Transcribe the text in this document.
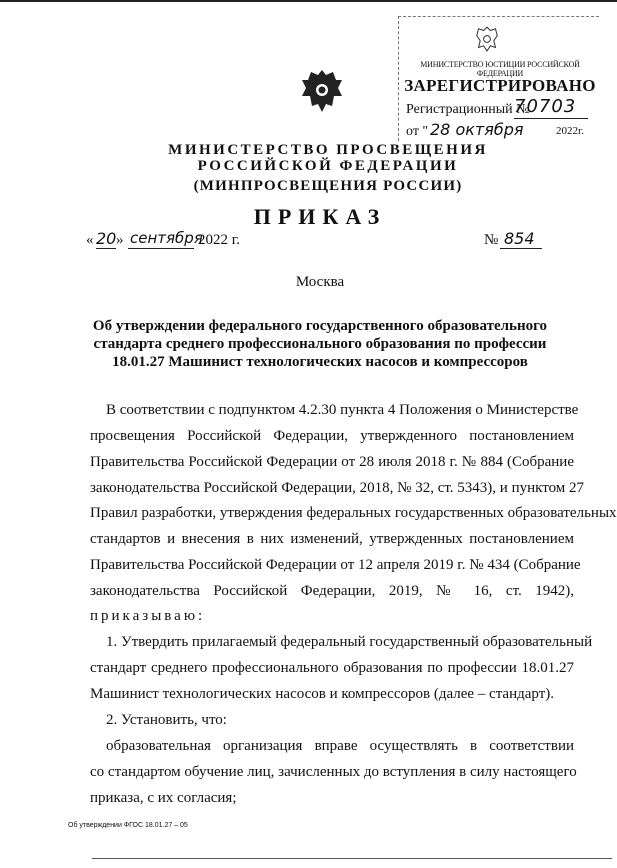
МИНИСТЕРСТВО ЮСТИЦИИ РОССИЙСКОЙ ФЕДЕРАЦИИ
ЗАРЕГИСТРИРОВАНО
Регистрационный №
70703
от " 28 октября	2022г.
МИНИСТЕРСТВО ПРОСВЕЩЕНИЯ
РОССИЙСКОЙ ФЕДЕРАЦИИ
(МИНПРОСВЕЩЕНИЯ РОССИИ)
ПРИКАЗ
« 20 » сентября
2022 г.	№ 854
Москва
Об утверждении федерального государственного образовательного
стандарта среднего профессионального образования по профессии
18.01.27 Машинист технологических насосов и компрессоров
В соответствии с подпунктом 4.2.30 пункта 4 Положения о Министерстве
просвещения Российской Федерации, утвержденного постановлением
Правительства Российской Федерации от 28 июля 2018 г. № 884 (Собрание
законодательства Российской Федерации, 2018, № 32, ст. 5343), и пунктом 27
Правил разработки, утверждения федеральных государственных образовательных
стандартов и внесения в них изменений, утвержденных постановлением
Правительства Российской Федерации от 12 апреля 2019 г. № 434 (Собрание
законодательства Российской Федерации, 2019, № 16, ст. 1942),
приказываю:
1. Утвердить прилагаемый федеральный государственный образовательный
стандарт среднего профессионального образования по профессии 18.01.27
Машинист технологических насосов и компрессоров (далее – стандарт).
2. Установить, что:
образовательная организация вправе осуществлять в соответствии
со стандартом обучение лиц, зачисленных до вступления в силу настоящего
приказа, с их согласия;
Об утверждении ФГОС 18.01.27 – 05
